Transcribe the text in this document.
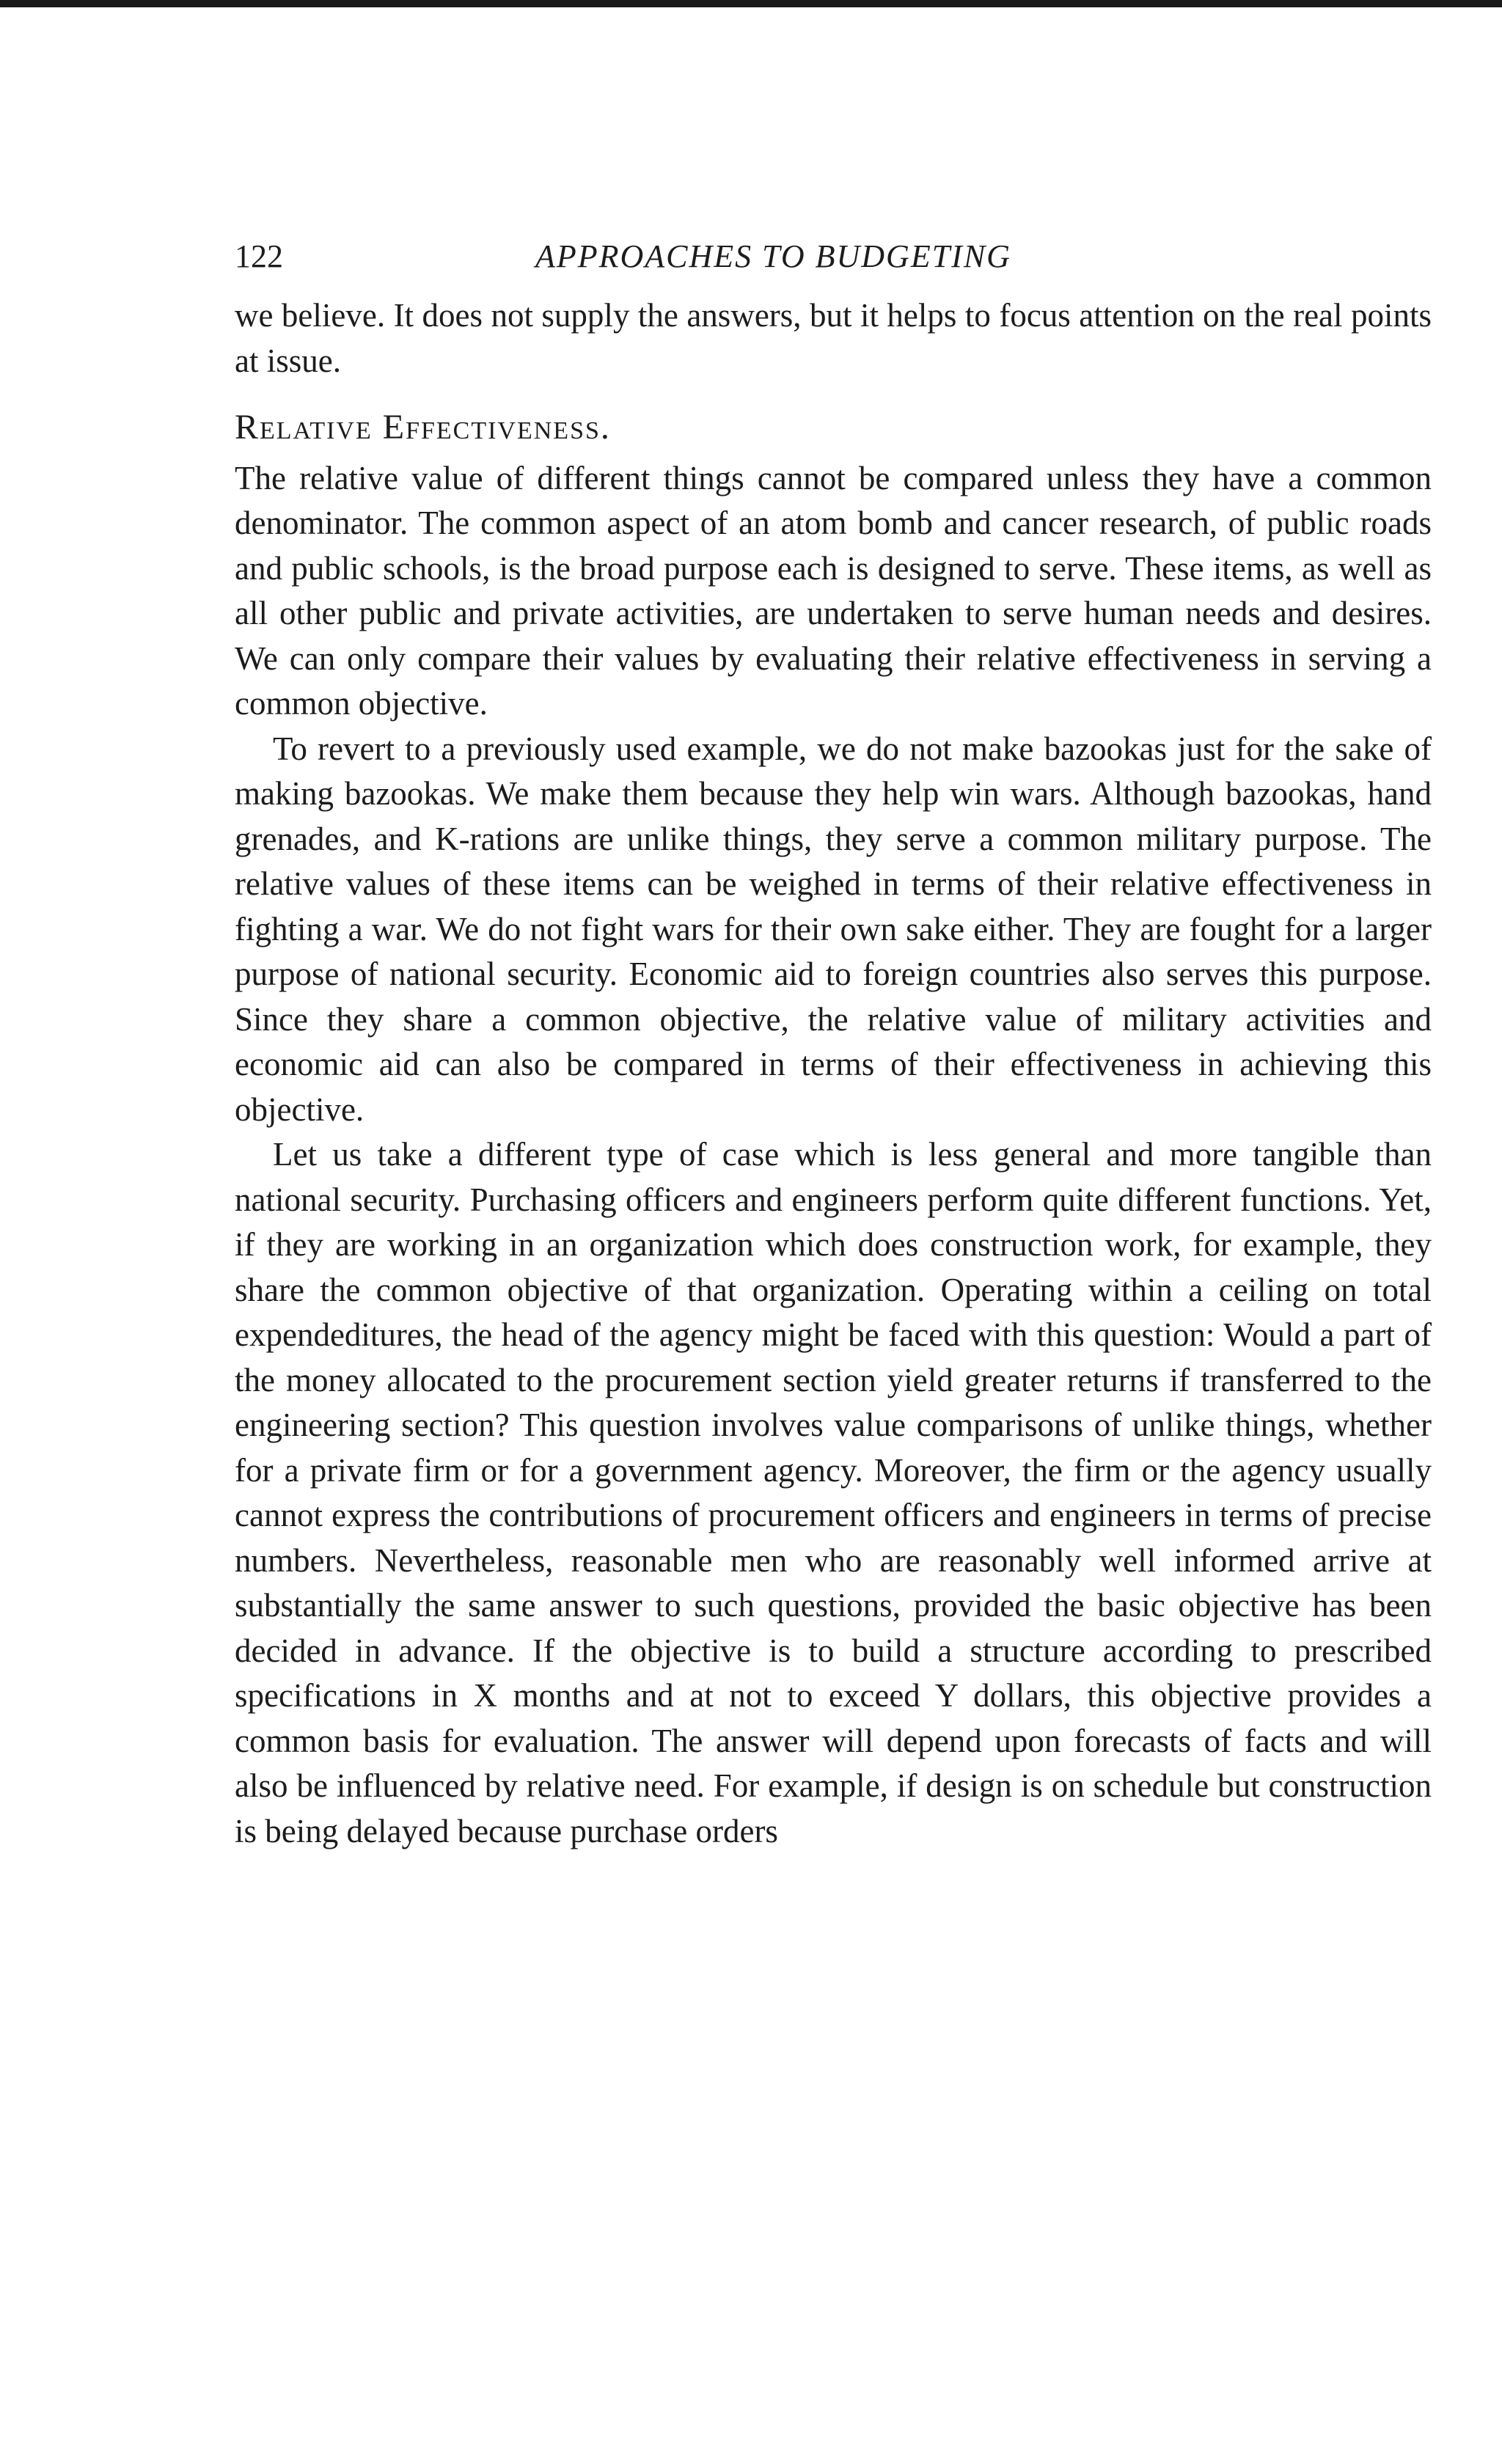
122	APPROACHES TO BUDGETING

we believe. It does not supply the answers, but it helps to focus attention on the real points at issue.

Relative Effectiveness.

The relative value of different things cannot be compared unless they have a common denominator. The common aspect of an atom bomb and cancer research, of public roads and public schools, is the broad purpose each is designed to serve. These items, as well as all other public and private activities, are undertaken to serve human needs and desires. We can only compare their values by evaluating their relative effectiveness in serving a common objective.

To revert to a previously used example, we do not make bazookas just for the sake of making bazookas. We make them because they help win wars. Although bazookas, hand grenades, and K-rations are unlike things, they serve a common military purpose. The relative values of these items can be weighed in terms of their relative effectiveness in fighting a war. We do not fight wars for their own sake either. They are fought for a larger purpose of national security. Economic aid to foreign countries also serves this purpose. Since they share a common objective, the relative value of military activities and economic aid can also be compared in terms of their effectiveness in achieving this objective.

Let us take a different type of case which is less general and more tangible than national security. Purchasing officers and engineers perform quite different functions. Yet, if they are working in an organization which does construction work, for example, they share the common objective of that organization. Operating within a ceiling on total expendeditures, the head of the agency might be faced with this question: Would a part of the money allocated to the procurement section yield greater returns if transferred to the engineering section? This question involves value comparisons of unlike things, whether for a private firm or for a government agency. Moreover, the firm or the agency usually cannot express the contributions of procurement officers and engineers in terms of precise numbers. Nevertheless, reasonable men who are reasonably well informed arrive at substantially the same answer to such questions, provided the basic objective has been decided in advance. If the objective is to build a structure according to prescribed specifications in X months and at not to exceed Y dollars, this objective provides a common basis for evaluation. The answer will depend upon forecasts of facts and will also be influenced by relative need. For example, if design is on schedule but construction is being delayed because purchase orders
